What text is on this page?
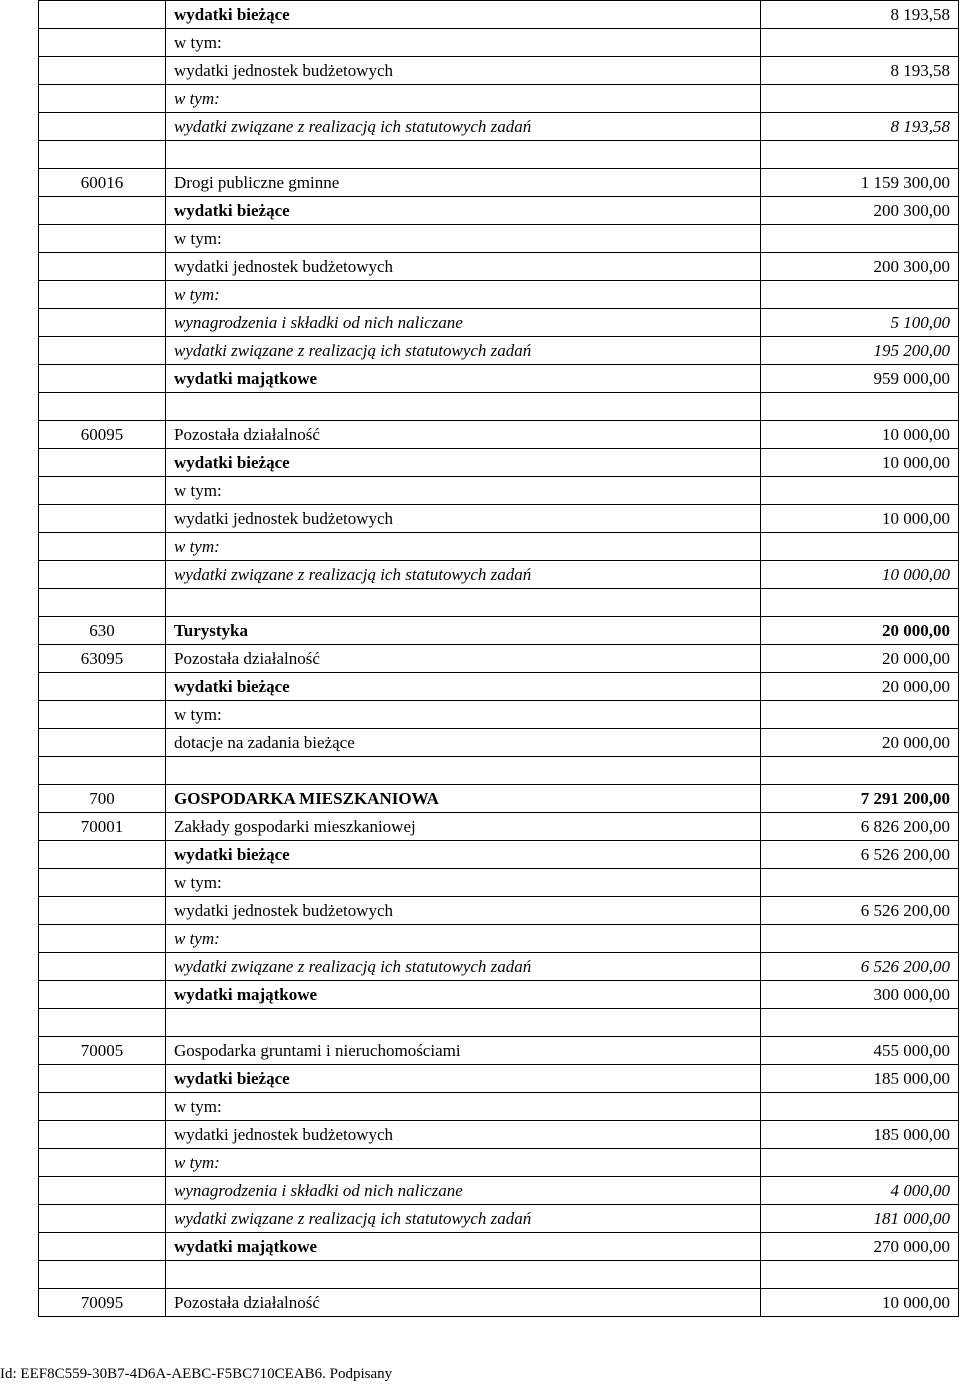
	wydatki bieżące	8 193,58
	w tym:	
	wydatki jednostek budżetowych	8 193,58
	w tym:	
	wydatki związane z realizacją ich statutowych zadań	8 193,58

60016	Drogi publiczne gminne	1 159 300,00
	wydatki bieżące	200 300,00
	w tym:	
	wydatki jednostek budżetowych	200 300,00
	w tym:	
	wynagrodzenia i składki od nich naliczane	5 100,00
	wydatki związane z realizacją ich statutowych zadań	195 200,00
	wydatki majątkowe	959 000,00

60095	Pozostała działalność	10 000,00
	wydatki bieżące	10 000,00
	w tym:	
	wydatki jednostek budżetowych	10 000,00
	w tym:	
	wydatki związane z realizacją ich statutowych zadań	10 000,00

630	Turystyka	20 000,00
63095	Pozostała działalność	20 000,00
	wydatki bieżące	20 000,00
	w tym:	
	dotacje na zadania bieżące	20 000,00

700	GOSPODARKA MIESZKANIOWA	7 291 200,00
70001	Zakłady gospodarki mieszkaniowej	6 826 200,00
	wydatki bieżące	6 526 200,00
	w tym:	
	wydatki jednostek budżetowych	6 526 200,00
	w tym:	
	wydatki związane z realizacją ich statutowych zadań	6 526 200,00
	wydatki majątkowe	300 000,00

70005	Gospodarka gruntami i nieruchomościami	455 000,00
	wydatki bieżące	185 000,00
	w tym:	
	wydatki jednostek budżetowych	185 000,00
	w tym:	
	wynagrodzenia i składki od nich naliczane	4 000,00
	wydatki związane z realizacją ich statutowych zadań	181 000,00
	wydatki majątkowe	270 000,00

70095	Pozostała działalność	10 000,00
Id: EEF8C559-30B7-4D6A-AEBC-F5BC710CEAB6. Podpisany
